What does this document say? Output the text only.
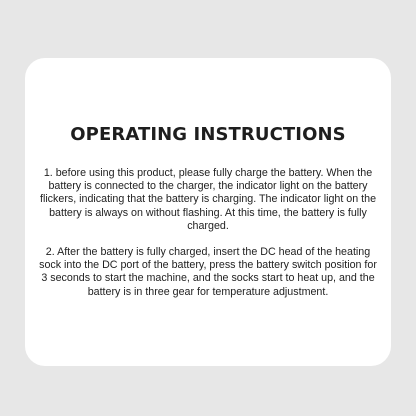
OPERATING INSTRUCTIONS

1. before using this product, please fully charge the battery. When the battery is connected to the charger, the indicator light on the battery flickers, indicating that the battery is charging. The indicator light on the battery is always on without flashing. At this time, the battery is fully charged.

2. After the battery is fully charged, insert the DC head of the heating sock into the DC port of the battery, press the battery switch position for 3 seconds to start the machine, and the socks start to heat up, and the battery is in three gear for temperature adjustment.
